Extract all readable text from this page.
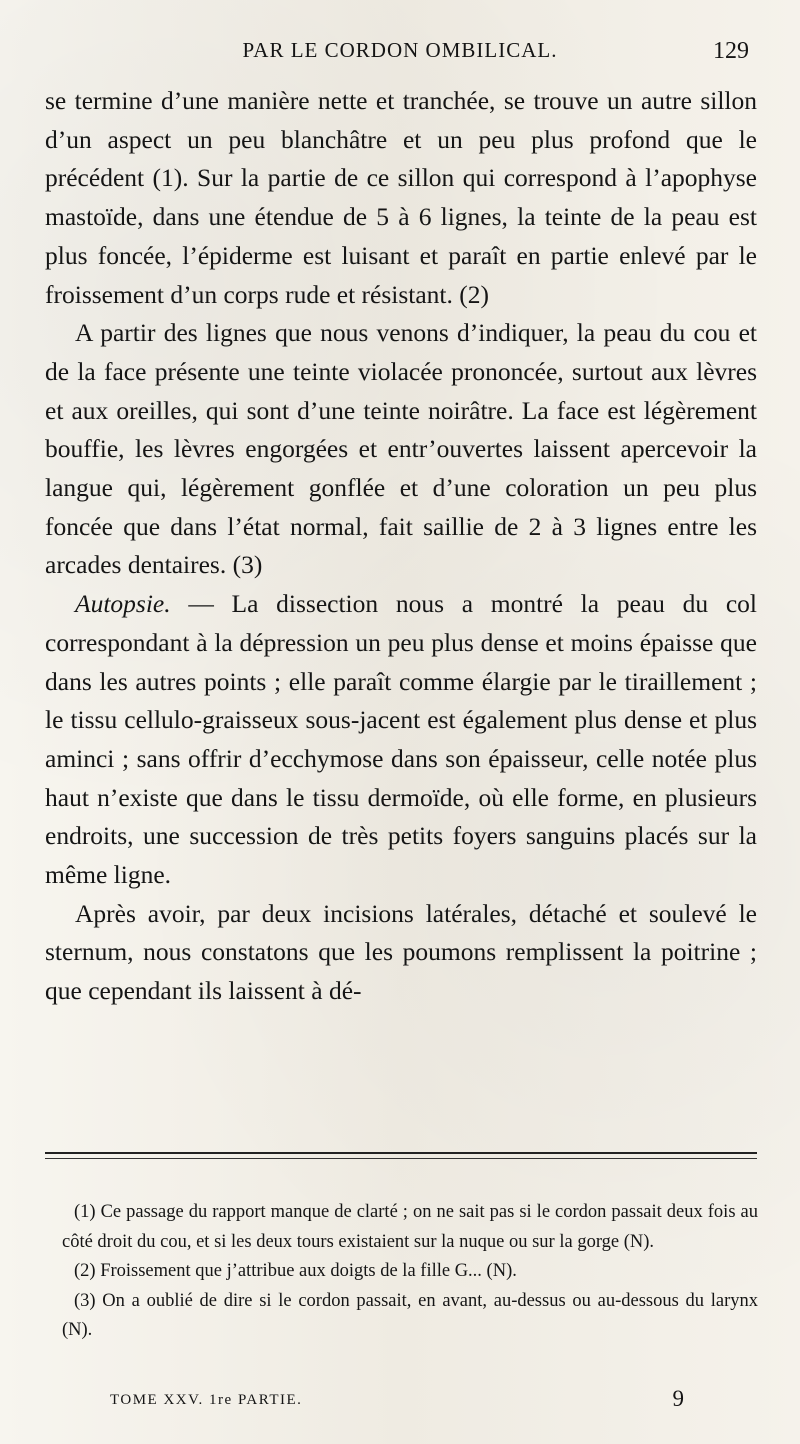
PAR LE CORDON OMBILICAL.	129

se termine d’une manière nette et tranchée, se trouve un autre sillon d’un aspect un peu blanchâtre et un peu plus profond que le précédent (1). Sur la partie de ce sillon qui correspond à l’apophyse mastoïde, dans une étendue de 5 à 6 lignes, la teinte de la peau est plus foncée, l’épiderme est luisant et paraît en partie enlevé par le froissement d’un corps rude et résistant. (2)

A partir des lignes que nous venons d’indiquer, la peau du cou et de la face présente une teinte violacée prononcée, surtout aux lèvres et aux oreilles, qui sont d’une teinte noirâtre. La face est légèrement bouffie, les lèvres engorgées et entr’ouvertes laissent apercevoir la langue qui, légèrement gonflée et d’une coloration un peu plus foncée que dans l’état normal, fait saillie de 2 à 3 lignes entre les arcades dentaires. (3)

Autopsie. — La dissection nous a montré la peau du col correspondant à la dépression un peu plus dense et moins épaisse que dans les autres points ; elle paraît comme élargie par le tiraillement ; le tissu cellulo-graisseux sous-jacent est également plus dense et plus aminci ; sans offrir d’ecchymose dans son épaisseur, celle notée plus haut n’existe que dans le tissu dermoïde, où elle forme, en plusieurs endroits, une succession de très petits foyers sanguins placés sur la même ligne.

Après avoir, par deux incisions latérales, détaché et soulevé le sternum, nous constatons que les poumons remplissent la poitrine ; que cependant ils laissent à dé-

(1) Ce passage du rapport manque de clarté ; on ne sait pas si le cordon passait deux fois au côté droit du cou, et si les deux tours existaient sur la nuque ou sur la gorge (N).

(2) Froissement que j’attribue aux doigts de la fille G... (N).

(3) On a oublié de dire si le cordon passait, en avant, au-dessus ou au-dessous du larynx (N).

TOME XXV. 1re PARTIE.	9
